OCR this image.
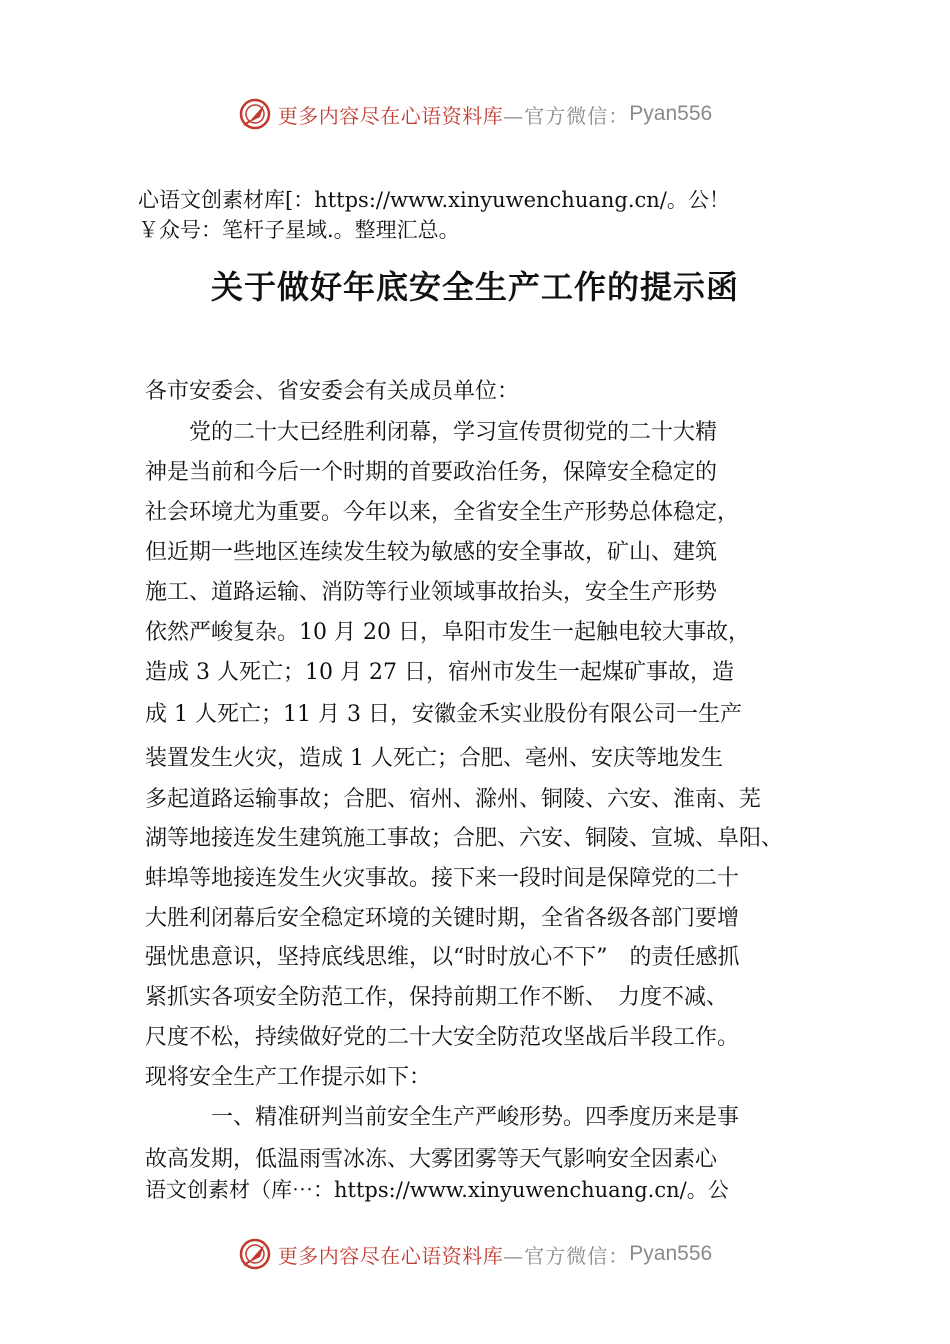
更多内容尽在心语资料库 —官方微信： Pyan556
心语文创素材库[：https://www.xinyuwenchuang.cn/。公！
￥众号：笔杆子星域.。整理汇总。
关于做好年底安全生产工作的提示函
各市安委会、省安委会有关成员单位：
　　党的二十大已经胜利闭幕，学习宣传贯彻党的二十大精
神是当前和今后一个时期的首要政治任务，保障安全稳定的
社会环境尤为重要。今年以来，全省安全生产形势总体稳定，
但近期一些地区连续发生较为敏感的安全事故，矿山、建筑
施工、道路运输、消防等行业领域事故抬头，安全生产形势
依然严峻复杂。10 月 20 日，阜阳市发生一起触电较大事故，
造成 3 人死亡；10 月 27 日，宿州市发生一起煤矿事故，造
成 1 人死亡；11 月 3 日，安徽金禾实业股份有限公司一生产
装置发生火灾，造成 1 人死亡；合肥、亳州、安庆等地发生
多起道路运输事故；合肥、宿州、滁州、铜陵、六安、淮南、芜
湖等地接连发生建筑施工事故；合肥、六安、铜陵、宣城、阜阳、
蚌埠等地接连发生火灾事故。接下来一段时间是保障党的二十
大胜利闭幕后安全稳定环境的关键时期，全省各级各部门要增
强忧患意识，坚持底线思维，以“时时放心不下”　的责任感抓
紧抓实各项安全防范工作，保持前期工作不断、　力度不减、
尺度不松，持续做好党的二十大安全防范攻坚战后半段工作。
现将安全生产工作提示如下：
　　　一、精准研判当前安全生产严峻形势。四季度历来是事
故高发期，低温雨雪冰冻、大雾团雾等天气影响安全因素心
语文创素材（库⋯：https://www.xinyuwenchuang.cn/。公
更多内容尽在心语资料库 —官方微信： Pyan556
